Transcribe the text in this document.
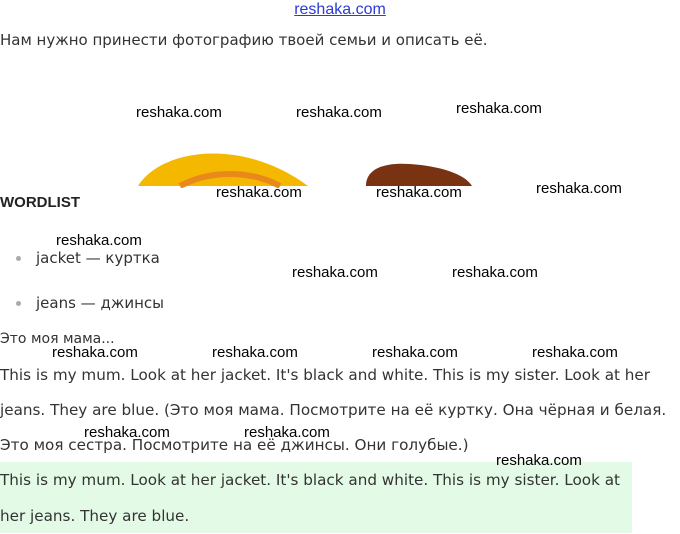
reshaka.com
Нам нужно принести фотографию твоей семьи и описать её.
WORDLIST
jacket — куртка
jeans — джинсы
Это моя мама...
This is my mum. Look at her jacket. It's black and white. This is my sister. Look at her jeans. They are blue. (Это моя мама. Посмотрите на её куртку. Она чёрная и белая. Это моя сестра. Посмотрите на её джинсы. Они голубые.)
This is my mum. Look at her jacket. It's black and white. This is my sister. Look at her jeans. They are blue.
reshaka.com	reshaka.com	reshaka.com
reshaka.com	reshaka.com	reshaka.com
reshaka.com
reshaka.com	reshaka.com
reshaka.com	reshaka.com	reshaka.com	reshaka.com
reshaka.com	reshaka.com
reshaka.com
